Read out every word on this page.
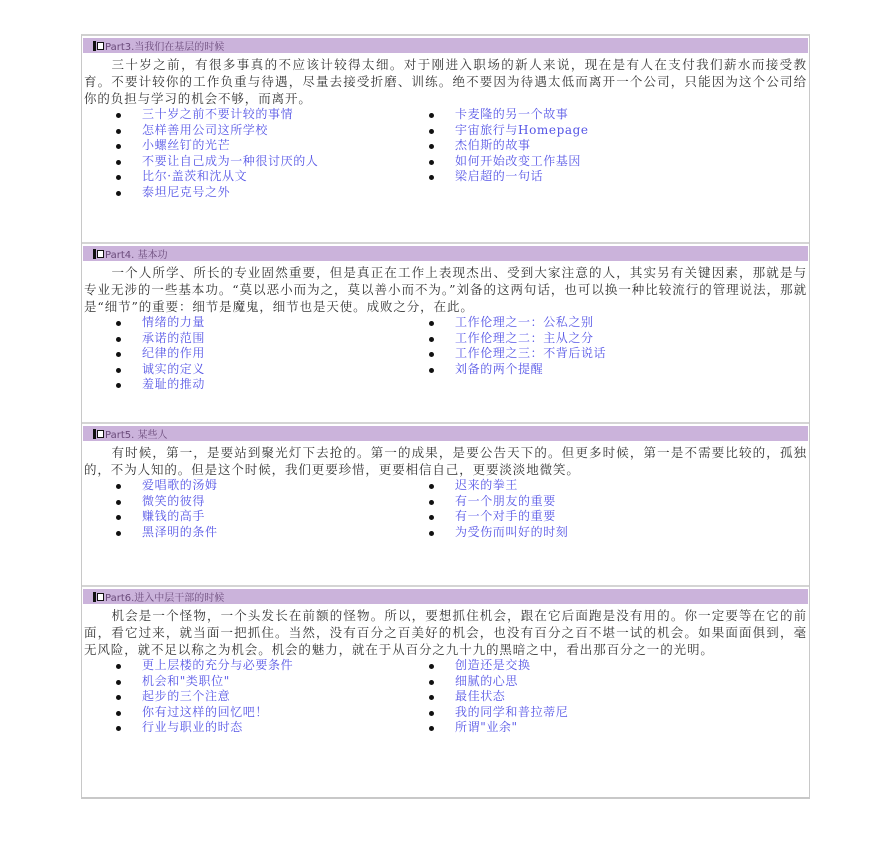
Part3.当我们在基层的时候
三十岁之前，有很多事真的不应该计较得太细。对于刚进入职场的新人来说，现在是有人在支付我们薪水而接受教育。不要计较你的工作负重与待遇，尽量去接受折磨、训练。绝不要因为待遇太低而离开一个公司，只能因为这个公司给你的负担与学习的机会不够，而离开。
三十岁之前不要计较的事情
怎样善用公司这所学校
小螺丝钉的光芒
不要让自己成为一种很讨厌的人
比尔·盖茨和沈从文
泰坦尼克号之外
卡麦隆的另一个故事
宇宙旅行与Homepage
杰伯斯的故事
如何开始改变工作基因
梁启超的一句话
Part4. 基本功
一个人所学、所长的专业固然重要，但是真正在工作上表现杰出、受到大家注意的人，其实另有关键因素，那就是与专业无涉的一些基本功。“莫以恶小而为之，莫以善小而不为。”刘备的这两句话，也可以换一种比较流行的管理说法，那就是“细节”的重要：细节是魔鬼，细节也是天使。成败之分，在此。
情绪的力量
承诺的范围
纪律的作用
诚实的定义
羞耻的推动
工作伦理之一：公私之别
工作伦理之二：主从之分
工作伦理之三：不背后说话
刘备的两个提醒
Part5. 某些人
有时候，第一，是要站到聚光灯下去抢的。第一的成果，是要公告天下的。但更多时候，第一是不需要比较的，孤独的，不为人知的。但是这个时候，我们更要珍惜，更要相信自己，更要淡淡地微笑。
爱唱歌的汤姆
微笑的彼得
赚钱的高手
黑泽明的条件
迟来的拳王
有一个朋友的重要
有一个对手的重要
为受伤而叫好的时刻
Part6.进入中层干部的时候
机会是一个怪物，一个头发长在前额的怪物。所以，要想抓住机会，跟在它后面跑是没有用的。你一定要等在它的前面，看它过来，就当面一把抓住。当然，没有百分之百美好的机会，也没有百分之百不堪一试的机会。如果面面俱到，毫无风险，就不足以称之为机会。机会的魅力，就在于从百分之九十九的黑暗之中，看出那百分之一的光明。
更上层楼的充分与必要条件
机会和"类职位"
起步的三个注意
你有过这样的回忆吧！
行业与职业的时态
创造还是交换
细腻的心思
最佳状态
我的同学和普拉蒂尼
所谓"业余"
